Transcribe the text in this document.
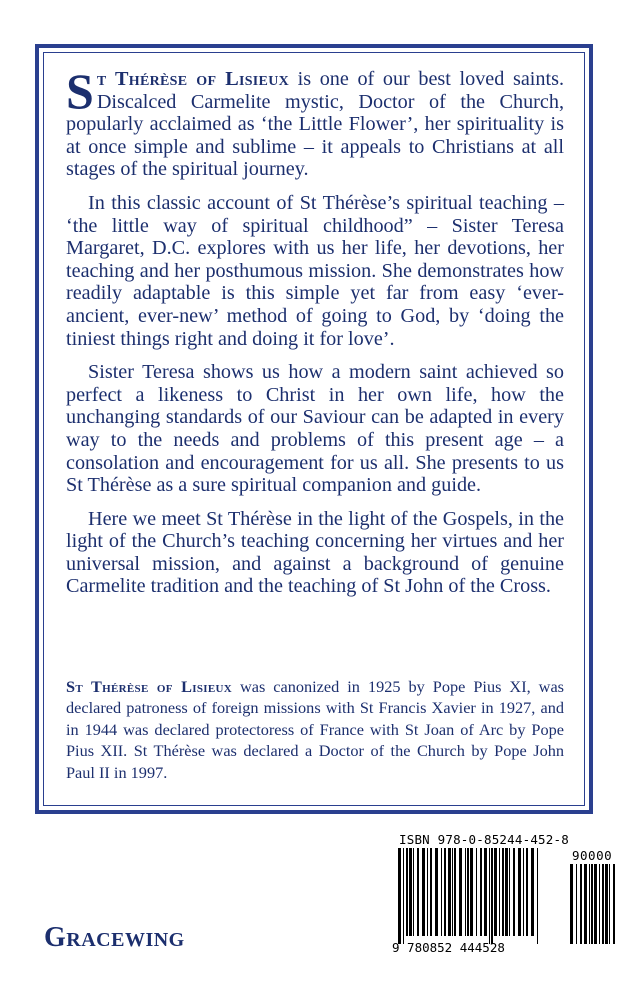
St Thérèse of Lisieux is one of our best loved saints. Discalced Carmelite mystic, Doctor of the Church, popularly acclaimed as ‘the Little Flower’, her spirituality is at once simple and sublime – it appeals to Christians at all stages of the spiritual journey.

In this classic account of St Thérèse’s spiritual teaching – ‘the little way of spiritual childhood” – Sister Teresa Margaret, D.C. explores with us her life, her devotions, her teaching and her posthumous mission. She demonstrates how readily adaptable is this simple yet far from easy ‘ever-ancient, ever-new’ method of going to God, by ‘doing the tiniest things right and doing it for love’.

Sister Teresa shows us how a modern saint achieved so perfect a likeness to Christ in her own life, how the unchanging standards of our Saviour can be adapted in every way to the needs and problems of this present age – a consolation and encouragement for us all. She presents to us St Thérèse as a sure spiritual companion and guide.

Here we meet St Thérèse in the light of the Gospels, in the light of the Church’s teaching concerning her virtues and her universal mission, and against a background of genuine Carmelite tradition and the teaching of St John of the Cross.

St Thérèse of Lisieux was canonized in 1925 by Pope Pius XI, was declared patroness of foreign missions with St Francis Xavier in 1927, and in 1944 was declared protectoress of France with St Joan of Arc by Pope Pius XII. St Thérèse was declared a Doctor of the Church by Pope John Paul II in 1997.

ISBN 978-0-85244-452-8
90000
9 780852 444528
Gracewing
